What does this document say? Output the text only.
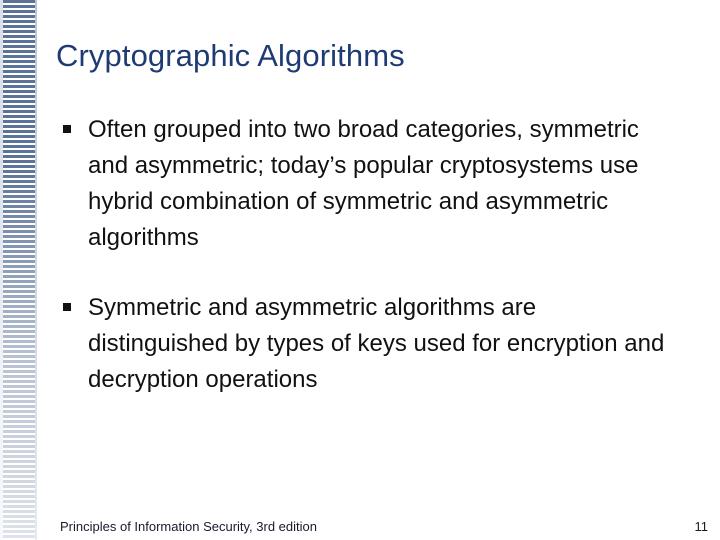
Cryptographic Algorithms
Often grouped into two broad categories, symmetric and asymmetric; today’s popular cryptosystems use hybrid combination of symmetric and asymmetric algorithms
Symmetric and asymmetric algorithms are distinguished by types of keys used for encryption and decryption operations
Principles of Information Security, 3rd edition	11
